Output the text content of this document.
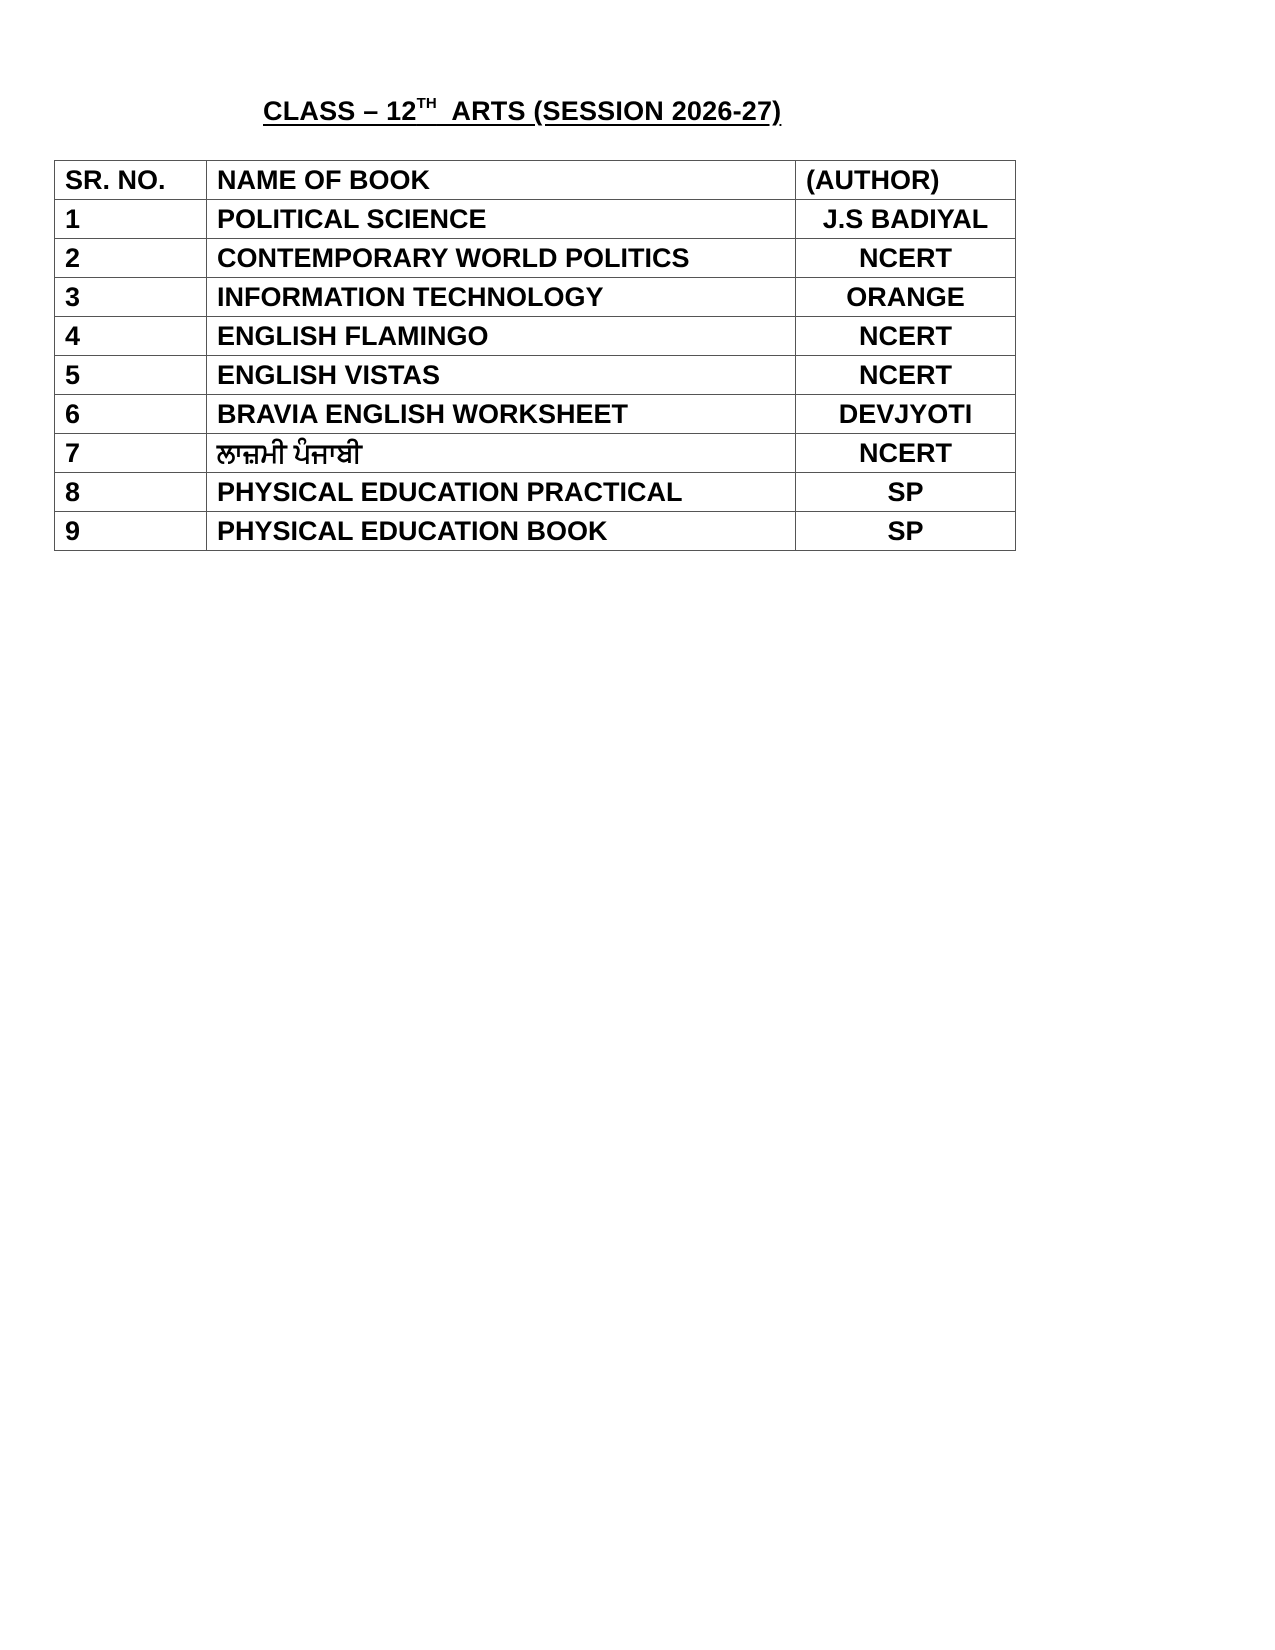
CLASS – 12TH  ARTS (SESSION 2026-27)
SR. NO.	NAME OF BOOK	(AUTHOR)
1	POLITICAL SCIENCE	J.S BADIYAL
2	CONTEMPORARY WORLD POLITICS	NCERT
3	INFORMATION TECHNOLOGY	ORANGE
4	ENGLISH FLAMINGO	NCERT
5	ENGLISH VISTAS	NCERT
6	BRAVIA ENGLISH WORKSHEET	DEVJYOTI
7	ਲਾਜ਼ਮੀ ਪੰਜਾਬੀ	NCERT
8	PHYSICAL EDUCATION PRACTICAL	SP
9	PHYSICAL EDUCATION BOOK	SP
